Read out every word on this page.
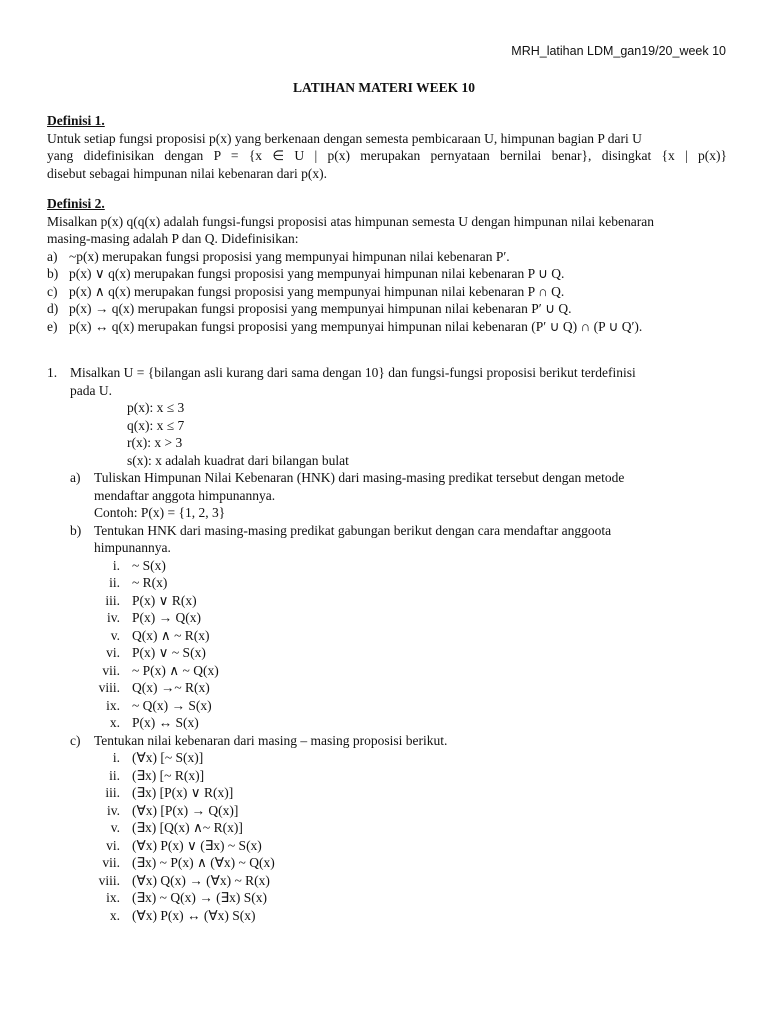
MRH_latihan LDM_gan19/20_week 10
LATIHAN MATERI WEEK 10
Definisi 1.
Untuk setiap fungsi proposisi p(x) yang berkenaan dengan semesta pembicaraan U, himpunan bagian P dari U
yang didefinisikan dengan P = {x ∈ U | p(x) merupakan pernyataan bernilai benar}, disingkat {x | p(x)}
disebut sebagai himpunan nilai kebenaran dari p(x).
Definisi 2.
Misalkan p(x) q(q(x) adalah fungsi-fungsi proposisi atas himpunan semesta U dengan himpunan nilai kebenaran
masing-masing adalah P dan Q. Didefinisikan:
a) ~p(x) merupakan fungsi proposisi yang mempunyai himpunan nilai kebenaran P′.
b) p(x) ∨ q(x) merupakan fungsi proposisi yang mempunyai himpunan nilai kebenaran P ∪ Q.
c) p(x) ∧ q(x) merupakan fungsi proposisi yang mempunyai himpunan nilai kebenaran P ∩ Q.
d) p(x) → q(x) merupakan fungsi proposisi yang mempunyai himpunan nilai kebenaran P′ ∪ Q.
e) p(x) ↔ q(x) merupakan fungsi proposisi yang mempunyai himpunan nilai kebenaran (P′ ∪ Q) ∩ (P ∪ Q′).
1. Misalkan U = {bilangan asli kurang dari sama dengan 10} dan fungsi-fungsi proposisi berikut terdefinisi
pada U.
p(x): x ≤ 3
q(x): x ≤ 7
r(x): x > 3
s(x): x adalah kuadrat dari bilangan bulat
a)	Tuliskan Himpunan Nilai Kebenaran (HNK) dari masing-masing predikat tersebut dengan metode
mendaftar anggota himpunannya.
Contoh: P(x) = {1, 2, 3}
b) Tentukan HNK dari masing-masing predikat gabungan berikut dengan cara mendaftar anggoota
himpunannya.
i. ~ S(x)
ii. ~ R(x)
iii. P(x) ∨ R(x)
iv. P(x) → Q(x)
v. Q(x) ∧ ~ R(x)
vi. P(x) ∨ ~ S(x)
vii. ~ P(x) ∧ ~ Q(x)
viii. Q(x) →~ R(x)
ix. ~ Q(x) → S(x)
x. P(x) ↔ S(x)
c)	Tentukan nilai kebenaran dari masing – masing proposisi berikut.
i. (∀x) [~ S(x)]
ii. (∃x) [~ R(x)]
iii. (∃x) [P(x) ∨ R(x)]
iv. (∀x) [P(x) → Q(x)]
v. (∃x) [Q(x) ∧~ R(x)]
vi. (∀x) P(x) ∨ (∃x) ~ S(x)
vii. (∃x) ~ P(x) ∧ (∀x) ~ Q(x)
viii. (∀x) Q(x) → (∀x) ~ R(x)
ix. (∃x) ~ Q(x) → (∃x) S(x)
x. (∀x) P(x) ↔ (∀x) S(x)
